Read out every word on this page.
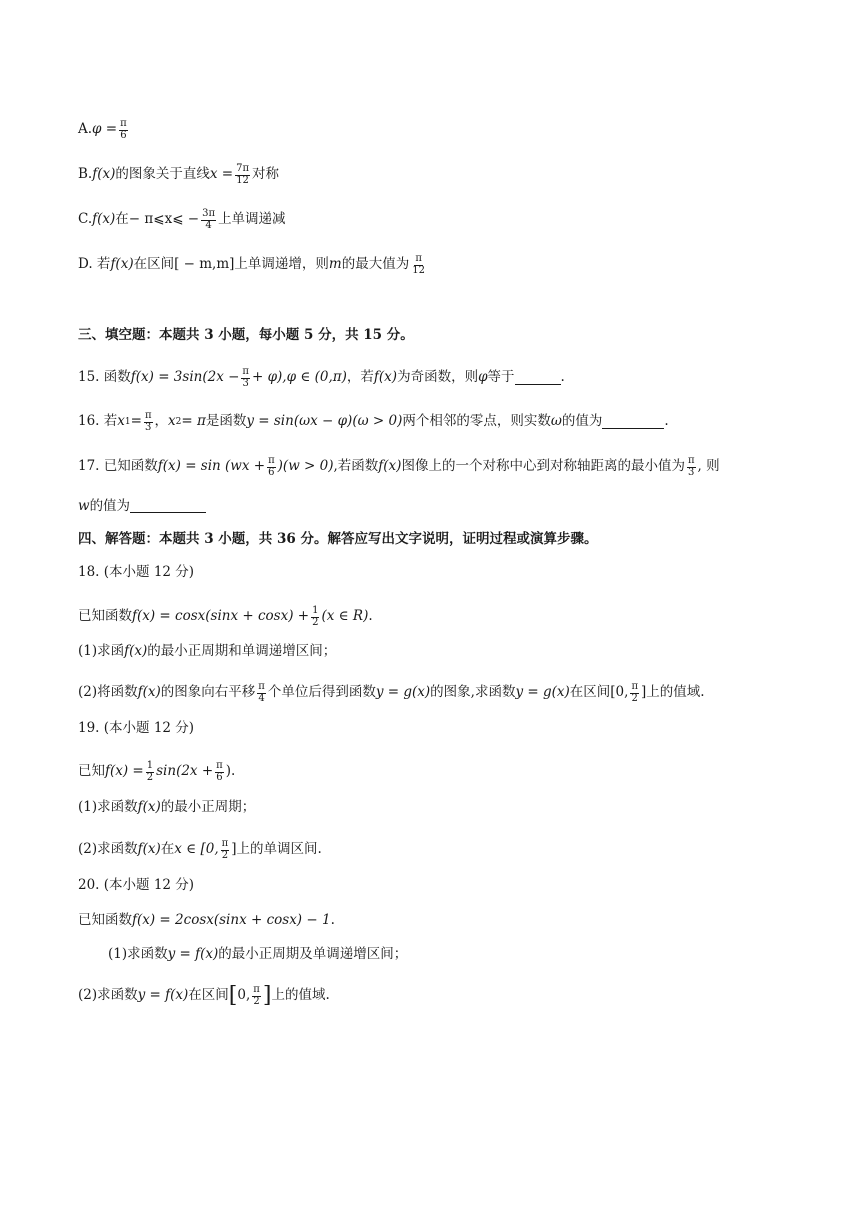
A. $\varphi = \frac{\pi}{6}$
B. f(x) 的图象关于直线 $x = \frac{7\pi}{12}$ 对称
C. f(x) 在− π⩽x⩽ − $\frac{3\pi}{4}$ 上单调递减
D. 若 f(x) 在区间[ − m,m]上单调递增，则 m 的最大值为 $\frac{\pi}{12}$
三、填空题：本题共 3 小题，每小题 5 分，共 15 分。
15. 函数 $f(x) = 3\sin(2x - \frac{\pi}{3} + \varphi),\varphi$ ∈ (0,π) ，若 f(x) 为奇函数，则 φ 等于	.
16. 若 x $1 = \frac{\pi}{3}$ ， x 2 = π 是函数 y = sin(ωx − φ)(ω > 0) 两个相邻的零点，则实数 ω 的值为	.
17. 已知函数 $f(x) = \sin (wx + \frac{\pi}{6} )(w > 0)$ ,若函数 f(x) 图像上的一个对称中心到对称轴距离的最小值为 $\frac{\pi}{3}$ , 则
w 的值为
四、解答题：本题共 3 小题，共 36 分。解答应写出文字说明，证明过程或演算步骤。
18. (本小题 12 分)
已知函数 $f(x) = \cos x(\sin x + \cos x) + \frac{1}{2} (x$ ∈ R) .
(1)求函 f(x) 的最小正周期和单调递增区间；
(2)将函数 f(x) 的图象向右平移 $\frac{\pi}{4}$ 个单位后得到函数 y = g(x) 的图象,求函数 y = g(x) 在区间[0, $\frac{\pi}{2}$ ]上的值域.
19. (本小题 12 分)
已知 $f(x) = \frac{1}{2} \sin(2x + \frac{\pi}{6}$ ).
(1)求函数 f(x) 的最小正周期；
(2)求函数 f(x) 在 x ∈ [0, $\frac{\pi}{2}$ ]上的单调区间.
20. (本小题 12 分)
已知函数 f(x) = 2cosx(sinx + cosx) − 1 .
(1)求函数 y = f(x) 的最小正周期及单调递增区间；
(2)求函数 y = f(x) 在区间 [ 0, $\frac{\pi}{2}$ ] 上的值域.
